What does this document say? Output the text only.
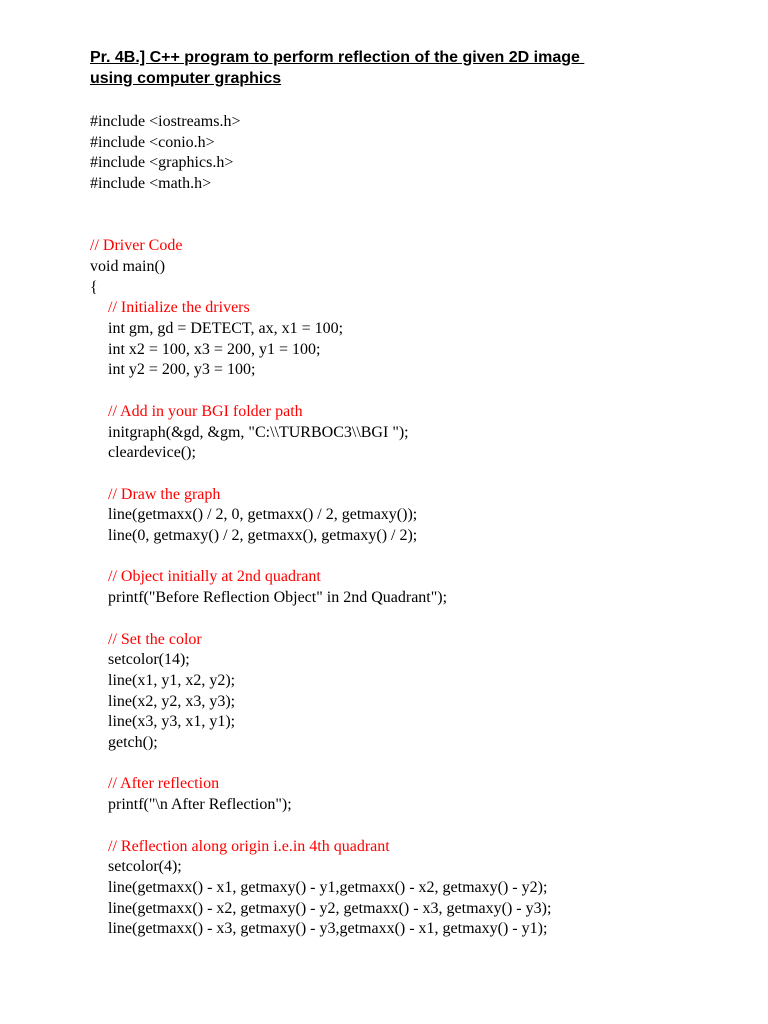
Pr. 4B.] C++ program to perform reflection of the given 2D image
using computer graphics
#include <iostreams.h>
#include <conio.h>
#include <graphics.h>
#include <math.h>
// Driver Code
void main()
{
// Initialize the drivers
int gm, gd = DETECT, ax, x1 = 100;
int x2 = 100, x3 = 200, y1 = 100;
int y2 = 200, y3 = 100;
// Add in your BGI folder path
initgraph(&gd, &gm, "C:\\TURBOC3\\BGI ");
cleardevice();
// Draw the graph
line(getmaxx() / 2, 0, getmaxx() / 2, getmaxy());
line(0, getmaxy() / 2, getmaxx(), getmaxy() / 2);
// Object initially at 2nd quadrant
printf("Before Reflection Object" in 2nd Quadrant");
// Set the color
setcolor(14);
line(x1, y1, x2, y2);
line(x2, y2, x3, y3);
line(x3, y3, x1, y1);
getch();
// After reflection
printf("\n After Reflection");
// Reflection along origin i.e.in 4th quadrant
setcolor(4);
line(getmaxx() - x1, getmaxy() - y1,getmaxx() - x2, getmaxy() - y2);
line(getmaxx() - x2, getmaxy() - y2, getmaxx() - x3, getmaxy() - y3);
line(getmaxx() - x3, getmaxy() - y3,getmaxx() - x1, getmaxy() - y1);
